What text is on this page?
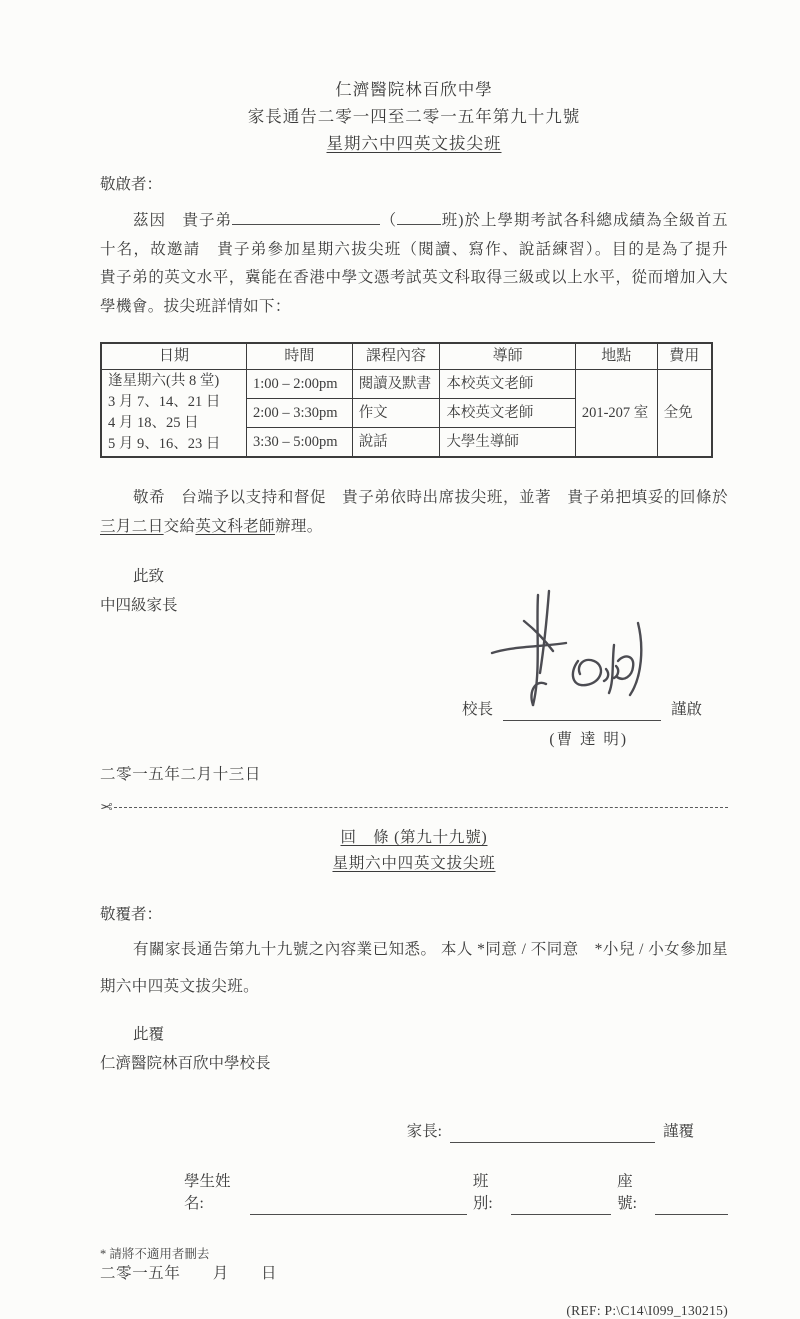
仁濟醫院林百欣中學
家長通告二零一四至二零一五年第九十九號
星期六中四英文拔尖班
敬啟者：
茲因　貴子弟	（	班)於上學期考試各科總成績為全級首五十名，故邀請　貴子弟參加星期六拔尖班（閱讀、寫作、說話練習）。目的是為了提升　貴子弟的英文水平，冀能在香港中學文憑考試英文科取得三級或以上水平，從而增加入大學機會。拔尖班詳情如下：
日期	時間	課程內容	導師	地點	費用

逢星期六(共 8 堂)
3 月 7、14、21 日
4 月 18、25 日
5 月 9、16、23 日	1:00 – 2:00pm	閱讀及默書	本校英文老師	201-207 室	全免
	2:00 – 3:30pm	作文	本校英文老師		
	3:30 – 5:00pm	說話	大學生導師		
敬希　台端予以支持和督促　貴子弟依時出席拔尖班，並著　貴子弟把填妥的回條於三月二日交給英文科老師辦理。
此致
中四級家長
校長	謹啟
(曹 達 明)
二零一五年二月十三日
✂
回　條 (第九十九號)
星期六中四英文拔尖班
敬覆者：
有關家長通告第九十九號之內容業已知悉。 本人 *同意 / 不同意　*小兒 / 小女參加星期六中四英文拔尖班。
此覆
仁濟醫院林百欣中學校長
家長:	謹覆
學生姓名:
班別:
座號:
* 請將不適用者刪去
二零一五年　　月　　日
(REF: P:\C14\I099_130215)
